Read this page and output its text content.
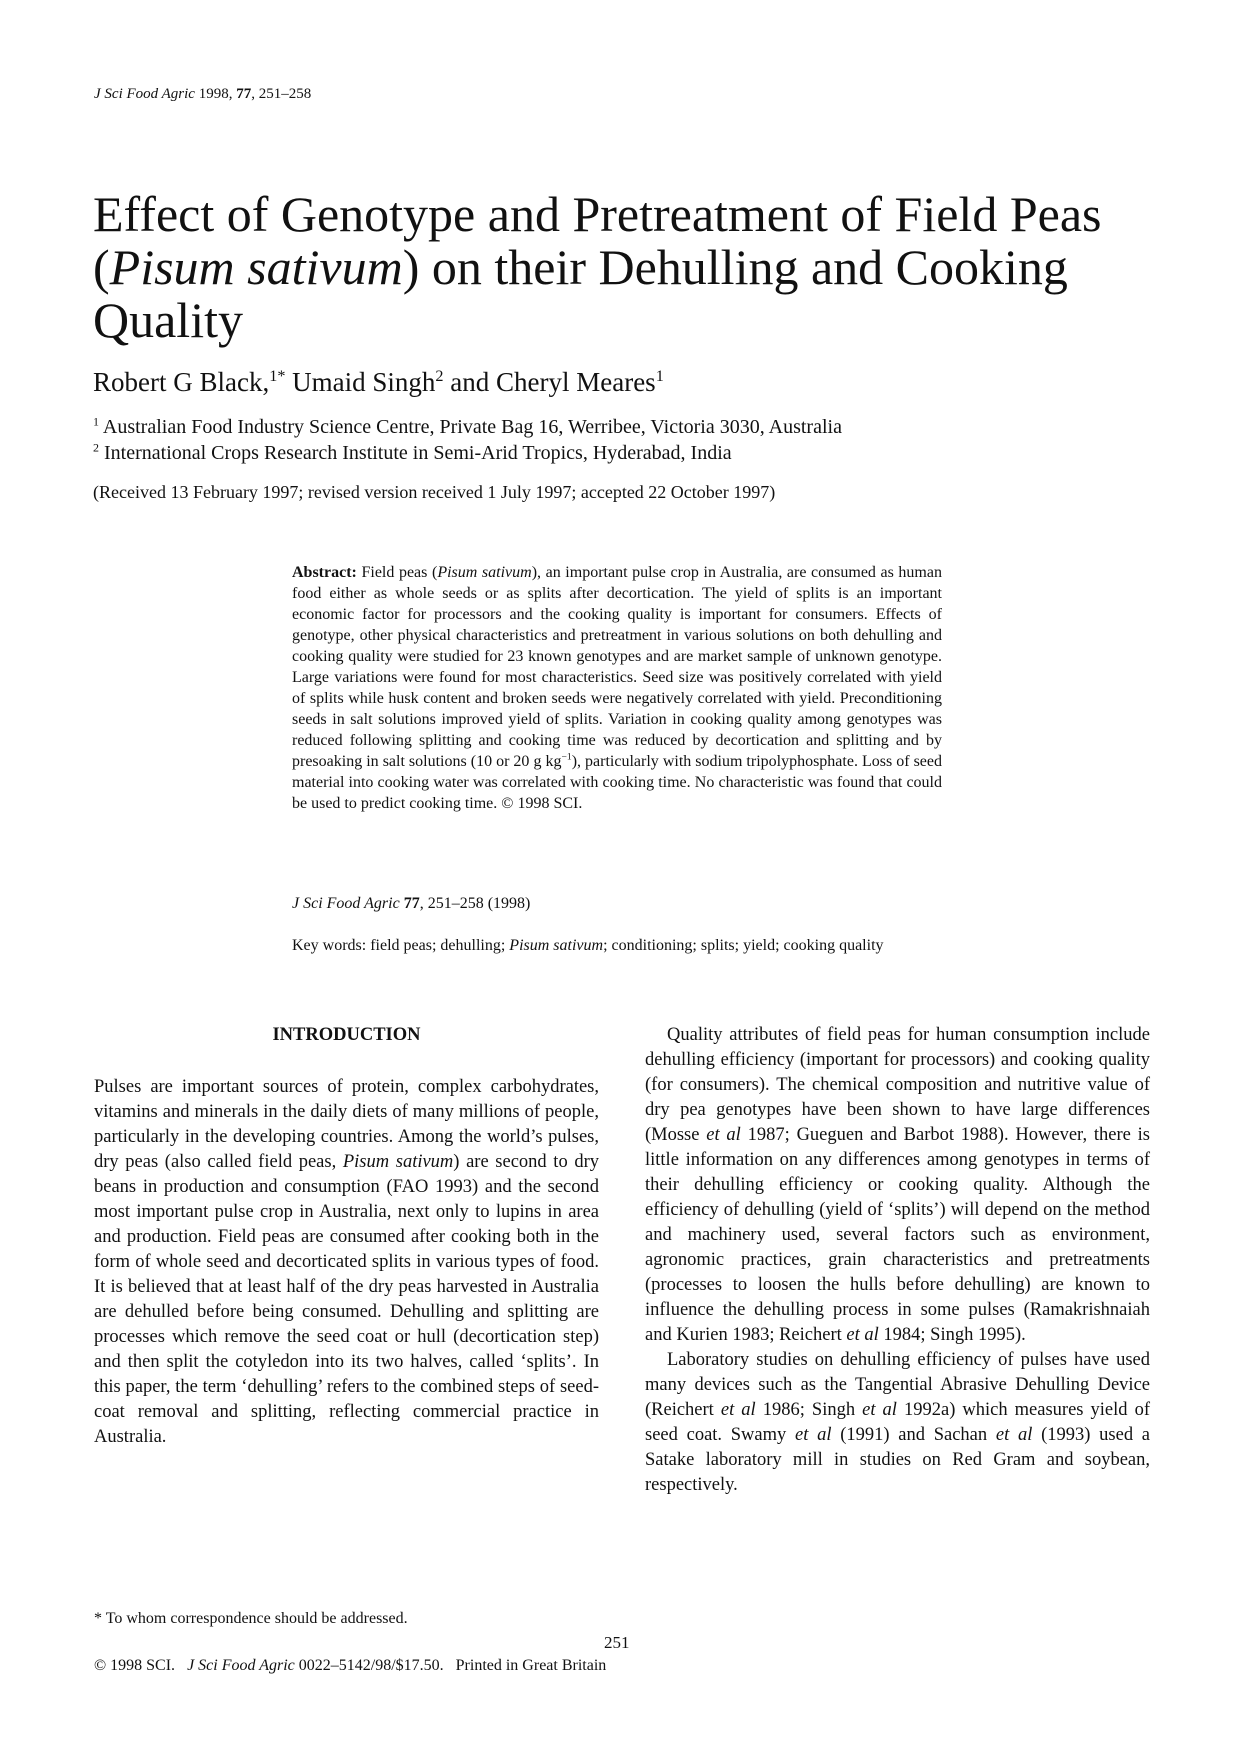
J Sci Food Agric 1998, 77, 251–258
Effect of Genotype and Pretreatment of Field Peas
(Pisum sativum) on their Dehulling and Cooking
Quality
Robert G Black,$^{1*}$ Umaid Singh$^2$ and Cheryl Meares$^1$
$^1$ Australian Food Industry Science Centre, Private Bag 16, Werribee, Victoria 3030, Australia
$^2$ International Crops Research Institute in Semi-Arid Tropics, Hyderabad, India
(Received 13 February 1997; revised version received 1 July 1997; accepted 22 October 1997)

Abstract: Field peas (Pisum sativum), an important pulse crop in Australia, are consumed as human food either as whole seeds or as splits after decortication. The yield of splits is an important economic factor for processors and the cooking quality is important for consumers. Effects of genotype, other physical characteristics and pretreatment in various solutions on both dehulling and cooking quality were studied for 23 known genotypes and are market sample of unknown genotype. Large variations were found for most characteristics. Seed size was positively correlated with yield of splits while husk content and broken seeds were negatively correlated with yield. Preconditioning seeds in salt solutions improved yield of splits. Variation in cooking quality among genotypes was reduced following splitting and cooking time was reduced by decortication and splitting and by presoaking in salt solutions (10 or 20 g $kg^{-1}$), particularly with sodium tripolyphosphate. Loss of seed material into cooking water was correlated with cooking time. No characteristic was found that could be used to predict cooking time. © 1998 SCI.

J Sci Food Agric 77, 251–258 (1998)
Key words: field peas; dehulling; Pisum sativum; conditioning; splits; yield; cooking quality

INTRODUCTION

Pulses are important sources of protein, complex carbohydrates, vitamins and minerals in the daily diets of many millions of people, particularly in the developing countries. Among the world’s pulses, dry peas (also called field peas, Pisum sativum) are second to dry beans in production and consumption (FAO 1993) and the second most important pulse crop in Australia, next only to lupins in area and production. Field peas are consumed after cooking both in the form of whole seed and decorticated splits in various types of food. It is believed that at least half of the dry peas harvested in Australia are dehulled before being consumed. Dehulling and splitting are processes which remove the seed coat or hull (decortication step) and then split the cotyledon into its two halves, called ‘splits’. In this paper, the term ‘dehulling’ refers to the combined steps of seed-coat removal and splitting, reflecting commercial practice in Australia.

Quality attributes of field peas for human consumption include dehulling efficiency (important for processors) and cooking quality (for consumers). The chemical composition and nutritive value of dry pea genotypes have been shown to have large differences (Mosse et al 1987; Gueguen and Barbot 1988). However, there is little information on any differences among genotypes in terms of their dehulling efficiency or cooking quality. Although the efficiency of dehulling (yield of ‘splits’) will depend on the method and machinery used, several factors such as environment, agronomic practices, grain characteristics and pretreatments (processes to loosen the hulls before dehulling) are known to influence the dehulling process in some pulses (Ramakrishnaiah and Kurien 1983; Reichert et al 1984; Singh 1995).

Laboratory studies on dehulling efficiency of pulses have used many devices such as the Tangential Abrasive Dehulling Device (Reichert et al 1986; Singh et al 1992a) which measures yield of seed coat. Swamy et al (1991) and Sachan et al (1993) used a Satake laboratory mill in studies on Red Gram and soybean, respectively.

* To whom correspondence should be addressed.
251
© 1998 SCI. J Sci Food Agric 0022–5142/98/$17.50. Printed in Great Britain
